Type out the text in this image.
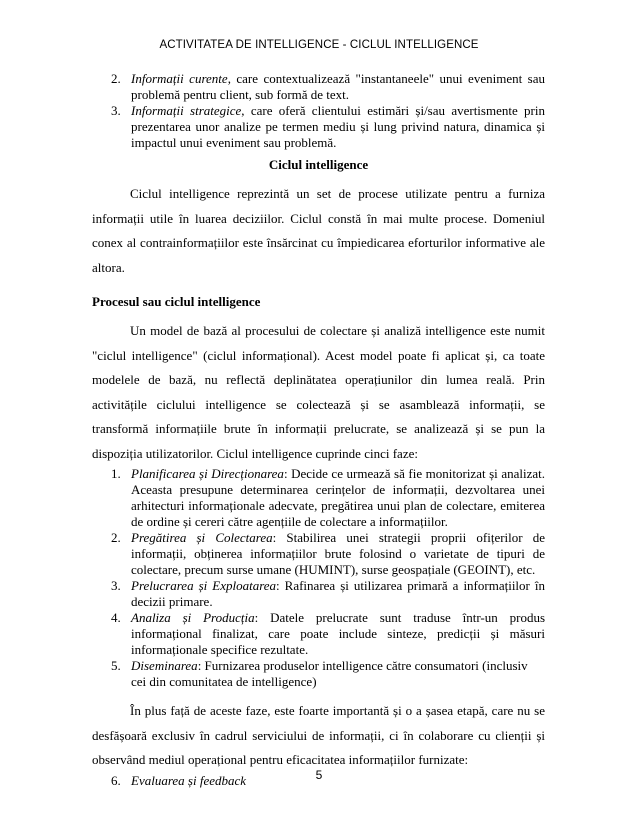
ACTIVITATEA DE INTELLIGENCE - CICLUL INTELLIGENCE
2. Informații curente, care contextualizează "instantaneele" unui eveniment sau problemă pentru client, sub formă de text.
3. Informații strategice, care oferă clientului estimări și/sau avertismente prin prezentarea unor analize pe termen mediu și lung privind natura, dinamica și impactul unui eveniment sau problemă.
Ciclul intelligence

Ciclul intelligence reprezintă un set de procese utilizate pentru a furniza informații utile în luarea deciziilor. Ciclul constă în mai multe procese. Domeniul conex al contrainformațiilor este însărcinat cu împiedicarea eforturilor informative ale altora.

Procesul sau ciclul intelligence

Un model de bază al procesului de colectare și analiză intelligence este numit "ciclul intelligence" (ciclul informațional). Acest model poate fi aplicat și, ca toate modelele de bază, nu reflectă deplinătatea operațiunilor din lumea reală. Prin activitățile ciclului intelligence se colectează și se asamblează informații, se transformă informațiile brute în informații prelucrate, se analizează și se pun la dispoziția utilizatorilor. Ciclul intelligence cuprinde cinci faze:

1. Planificarea și Direcționarea: Decide ce urmează să fie monitorizat și analizat. Aceasta presupune determinarea cerințelor de informații, dezvoltarea unei arhitecturi informaționale adecvate, pregătirea unui plan de colectare, emiterea de ordine și cereri către agențiile de colectare a informațiilor.
2. Pregătirea și Colectarea: Stabilirea unei strategii proprii ofițerilor de informații, obținerea informațiilor brute folosind o varietate de tipuri de colectare, precum surse umane (HUMINT), surse geospațiale (GEOINT), etc.
3. Prelucrarea și Exploatarea: Rafinarea și utilizarea primară a informațiilor în decizii primare.
4. Analiza și Producția: Datele prelucrate sunt traduse într-un produs informațional finalizat, care poate include sinteze, predicții și măsuri informaționale specifice rezultate.
5. Diseminarea: Furnizarea produselor intelligence către consumatori (inclusiv cei din comunitatea de intelligence)

În plus față de aceste faze, este foarte importantă și o a șasea etapă, care nu se desfășoară exclusiv în cadrul serviciului de informații, ci în colaborare cu clienții și observând mediul operațional pentru eficacitatea informațiilor furnizate:

6. Evaluarea și feedback	5
